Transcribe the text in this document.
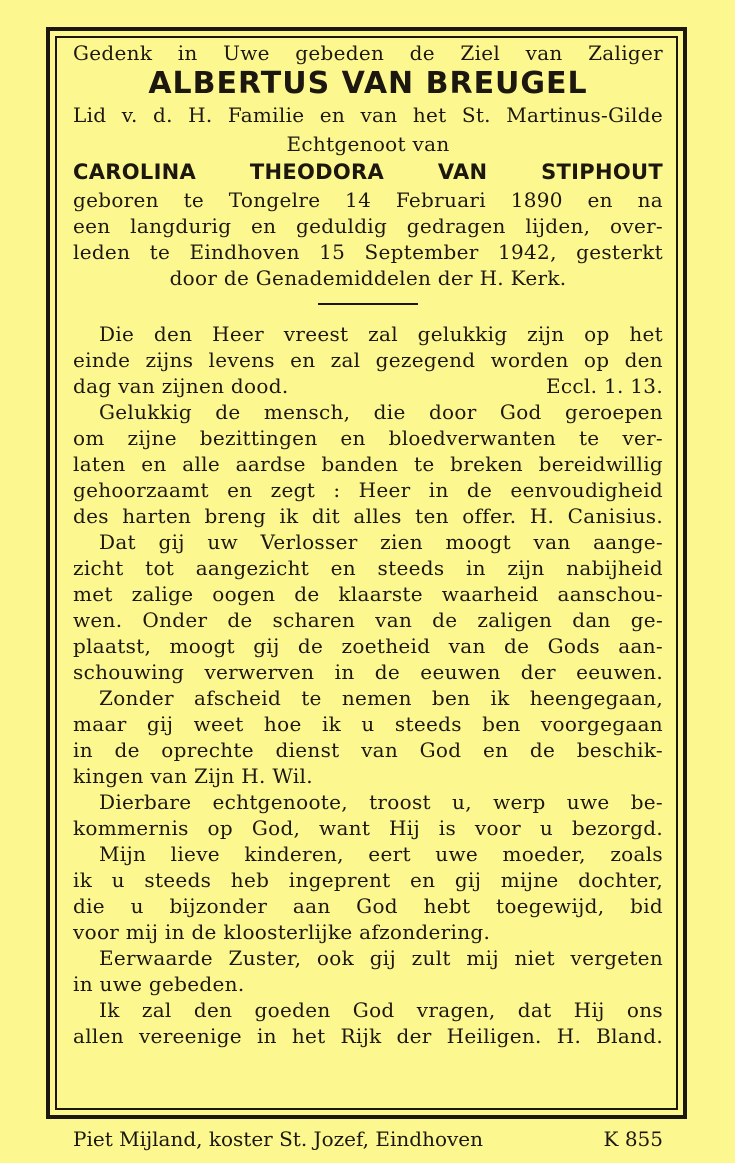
Gedenk in Uwe gebeden de Ziel van Zaliger
ALBERTUS VAN BREUGEL
Lid v. d. H. Familie en van het St. Martinus-Gilde
Echtgenoot van
CAROLINA THEODORA VAN STIPHOUT
geboren te Tongelre 14 Februari 1890 en na
een langdurig en geduldig gedragen lijden, over-
leden te Eindhoven 15 September 1942, gesterkt
door de Genademiddelen der H. Kerk.
Die den Heer vreest zal gelukkig zijn op het
einde zijns levens en zal gezegend worden op den
dag van zijnen dood.	Eccl. 1. 13.
Gelukkig de mensch, die door God geroepen
om zijne bezittingen en bloedverwanten te ver-
laten en alle aardse banden te breken bereidwillig
gehoorzaamt en zegt : Heer in de eenvoudigheid
des harten breng ik dit alles ten offer. H. Canisius.
Dat gij uw Verlosser zien moogt van aange-
zicht tot aangezicht en steeds in zijn nabijheid
met zalige oogen de klaarste waarheid aanschou-
wen. Onder de scharen van de zaligen dan ge-
plaatst, moogt gij de zoetheid van de Gods aan-
schouwing verwerven in de eeuwen der eeuwen.
Zonder afscheid te nemen ben ik heengegaan,
maar gij weet hoe ik u steeds ben voorgegaan
in de oprechte dienst van God en de beschik-
kingen van Zijn H. Wil.
Dierbare echtgenoote, troost u, werp uwe be-
kommernis op God, want Hij is voor u bezorgd.
Mijn lieve kinderen, eert uwe moeder, zoals
ik u steeds heb ingeprent en gij mijne dochter,
die u bijzonder aan God hebt toegewijd, bid
voor mij in de kloosterlijke afzondering.
Eerwaarde Zuster, ook gij zult mij niet vergeten
in uwe gebeden.
Ik zal den goeden God vragen, dat Hij ons
allen vereenige in het Rijk der Heiligen. H. Bland.
Piet Mijland, koster St. Jozef, Eindhoven	K 855
